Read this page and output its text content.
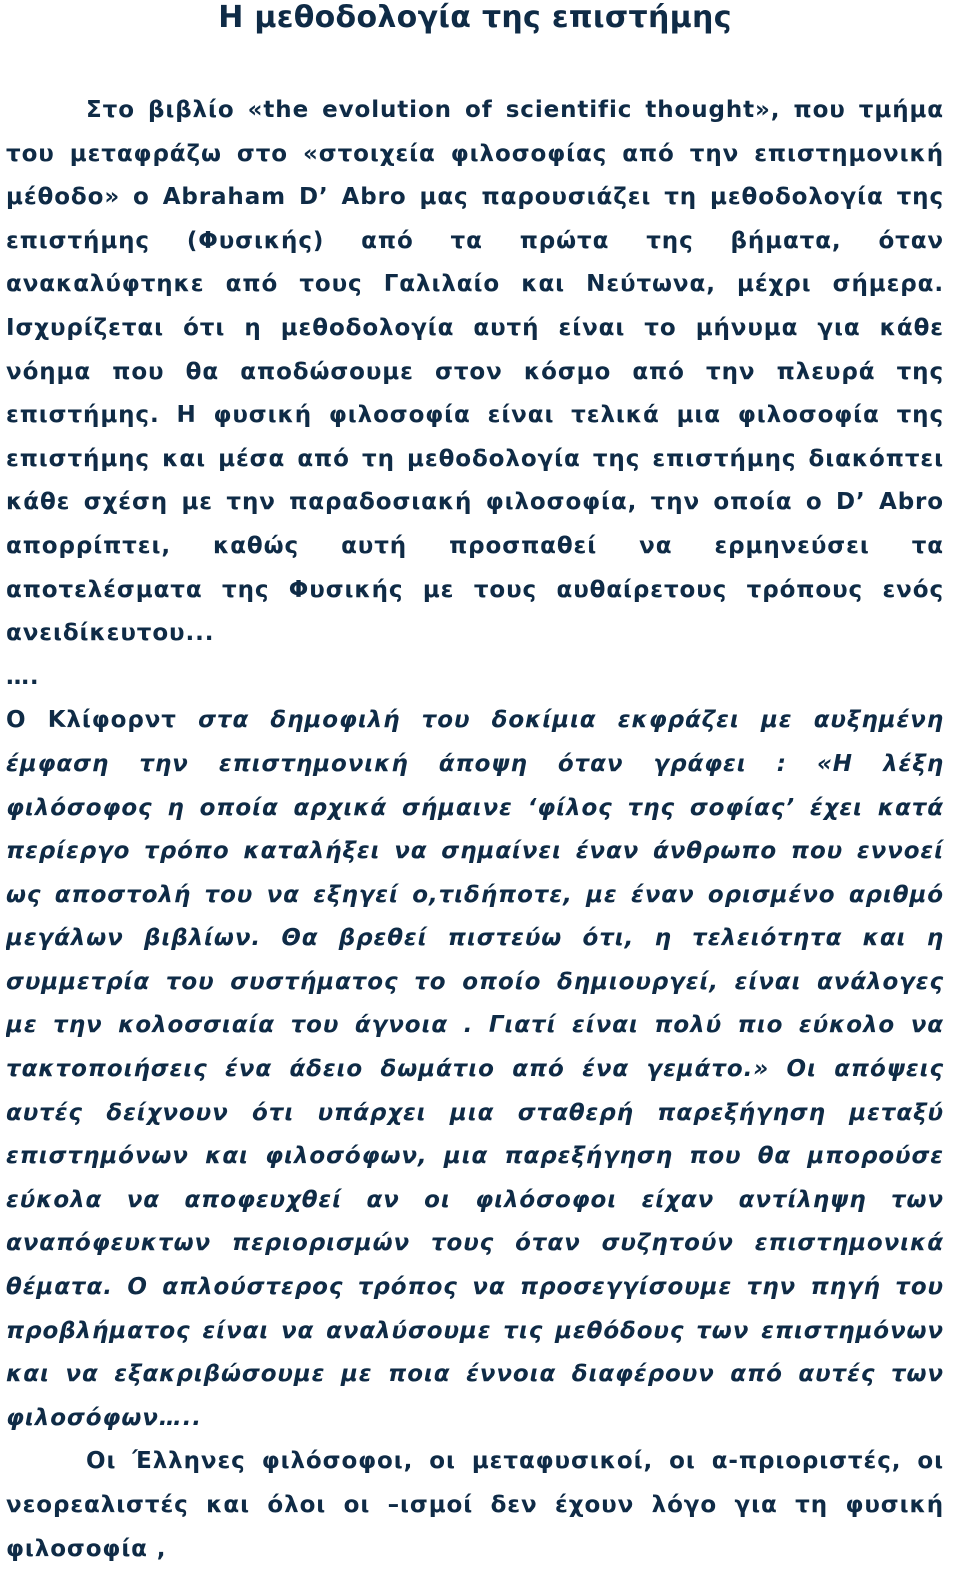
Η μεθοδολογία της επιστήμης
Στο βιβλίο «the evolution of scientific thought», που τμήμα
του μεταφράζω στο «στοιχεία φιλοσοφίας από την επιστημονική
μέθοδο» ο Abraham D’ Abro μας παρουσιάζει τη μεθοδολογία της
επιστήμης (Φυσικής) από τα πρώτα της βήματα, όταν
ανακαλύφτηκε από τους Γαλιλαίο και Νεύτωνα, μέχρι σήμερα.
Ισχυρίζεται ότι η μεθοδολογία αυτή είναι το μήνυμα για κάθε
νόημα που θα αποδώσουμε στον κόσμο από την πλευρά της
επιστήμης. Η φυσική φιλοσοφία είναι τελικά μια φιλοσοφία της
επιστήμης και μέσα από τη μεθοδολογία της επιστήμης διακόπτει
κάθε σχέση με την παραδοσιακή φιλοσοφία, την οποία ο D’ Abro
απορρίπτει, καθώς αυτή προσπαθεί να ερμηνεύσει τα
αποτελέσματα της Φυσικής με τους αυθαίρετους τρόπους ενός
ανειδίκευτου...
….
Ο Κλίφορντ στα δημοφιλή του δοκίμια εκφράζει με αυξημένη
έμφαση την επιστημονική άποψη όταν γράφει : «Η λέξη
φιλόσοφος η οποία αρχικά σήμαινε ‘φίλος της σοφίας’ έχει κατά
περίεργο τρόπο καταλήξει να σημαίνει έναν άνθρωπο που εννοεί
ως αποστολή του να εξηγεί ο,τιδήποτε, με έναν ορισμένο αριθμό
μεγάλων βιβλίων. Θα βρεθεί πιστεύω ότι, η τελειότητα και η
συμμετρία του συστήματος το οποίο δημιουργεί, είναι ανάλογες
με την κολοσσιαία του άγνοια . Γιατί είναι πολύ πιο εύκολο να
τακτοποιήσεις ένα άδειο δωμάτιο από ένα γεμάτο.» Οι απόψεις
αυτές δείχνουν ότι υπάρχει μια σταθερή παρεξήγηση μεταξύ
επιστημόνων και φιλοσόφων, μια παρεξήγηση που θα μπορούσε
εύκολα να αποφευχθεί αν οι φιλόσοφοι είχαν αντίληψη των
αναπόφευκτων περιορισμών τους όταν συζητούν επιστημονικά
θέματα. Ο απλούστερος τρόπος να προσεγγίσουμε την πηγή του
προβλήματος είναι να αναλύσουμε τις μεθόδους των επιστημόνων
και να εξακριβώσουμε με ποια έννοια διαφέρουν από αυτές των
φιλοσόφων…..
Οι Έλληνες φιλόσοφοι, οι μεταφυσικοί, οι α-πριοριστές, οι
νεορεαλιστές και όλοι οι –ισμοί δεν έχουν λόγο για τη φυσική
φιλοσοφία ,
